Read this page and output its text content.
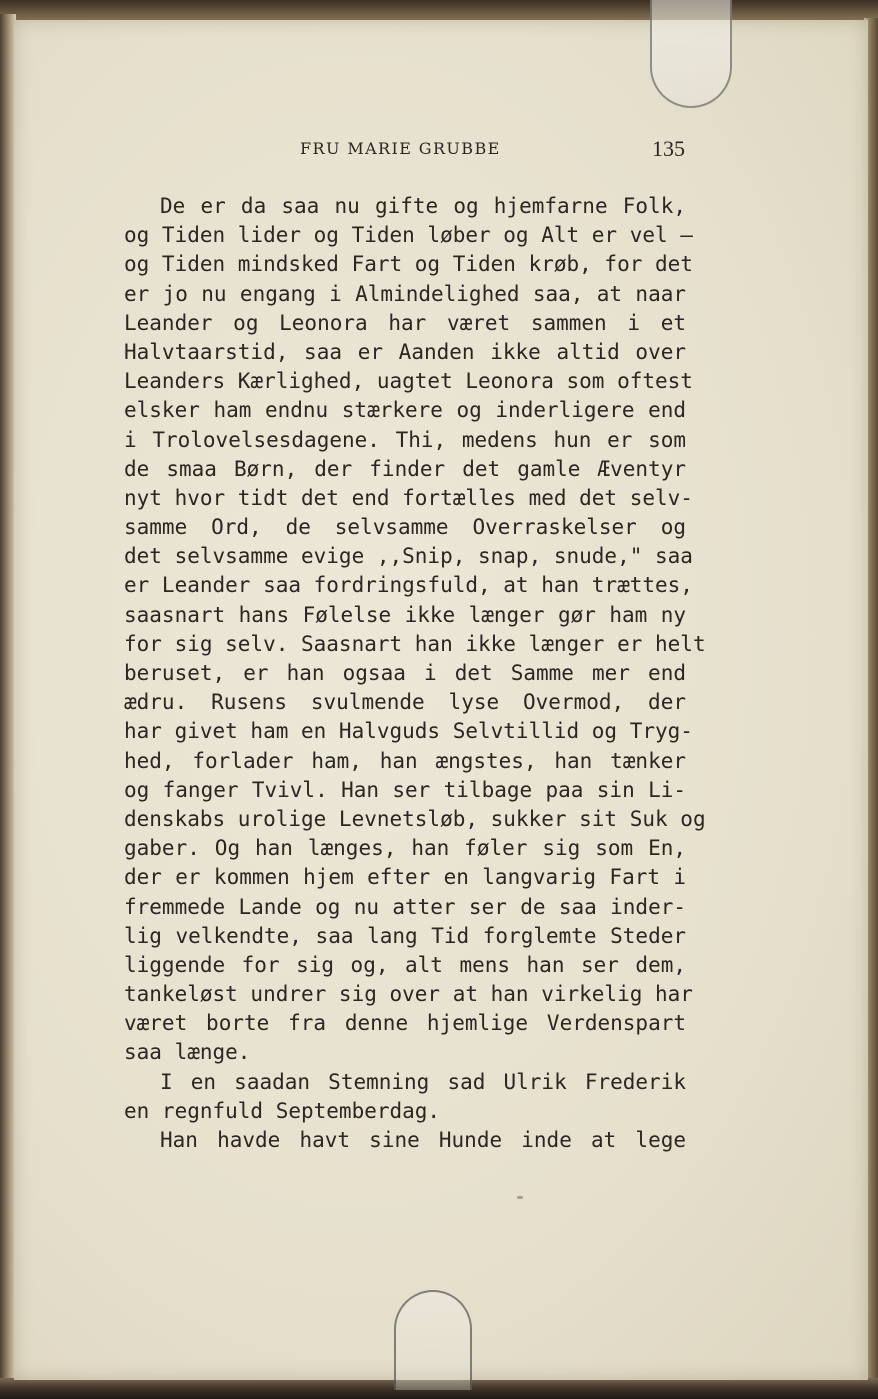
FRU MARIE GRUBBE	135
De er da saa nu gifte og hjemfarne Folk,
og Tiden lider og Tiden løber og Alt er vel —
og Tiden mindsked Fart og Tiden krøb, for det
er jo nu engang i Almindelighed saa, at naar
Leander og Leonora har været sammen i et
Halvtaarstid, saa er Aanden ikke altid over
Leanders Kærlighed, uagtet Leonora som oftest
elsker ham endnu stærkere og inderligere end
i Trolovelsesdagene. Thi, medens hun er som
de smaa Børn, der finder det gamle Æventyr
nyt hvor tidt det end fortælles med det selv-
samme Ord, de selvsamme Overraskelser og
det selvsamme evige ,,Snip, snap, snude," saa
er Leander saa fordringsfuld, at han trættes,
saasnart hans Følelse ikke længer gør ham ny
for sig selv. Saasnart han ikke længer er helt
beruset, er han ogsaa i det Samme mer end
ædru. Rusens svulmende lyse Overmod, der
har givet ham en Halvguds Selvtillid og Tryg-
hed, forlader ham, han ængstes, han tænker
og fanger Tvivl. Han ser tilbage paa sin Li-
denskabs urolige Levnetsløb, sukker sit Suk og
gaber. Og han længes, han føler sig som En,
der er kommen hjem efter en langvarig Fart i
fremmede Lande og nu atter ser de saa inder-
lig velkendte, saa lang Tid forglemte Steder
liggende for sig og, alt mens han ser dem,
tankeløst undrer sig over at han virkelig har
været borte fra denne hjemlige Verdenspart
saa længe.
I en saadan Stemning sad Ulrik Frederik
en regnfuld Septemberdag.
Han havde havt sine Hunde inde at lege
